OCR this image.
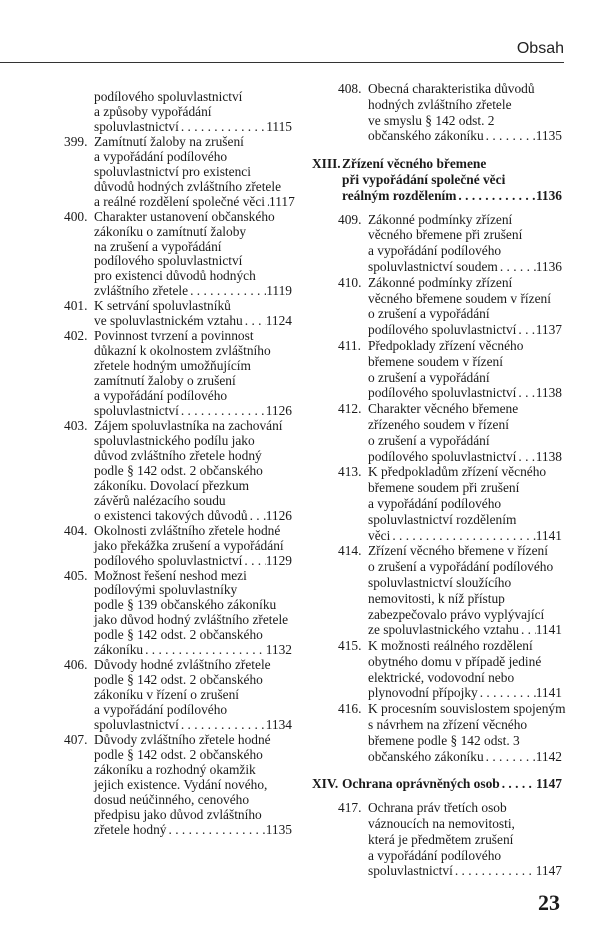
Obsah
podílového spoluvlastnictví
a způsoby vypořádání
spoluvlastnictví . . .	1115
399. Zamítnutí žaloby na zrušení
a vypořádání podílového
spoluvlastnictví pro existenci
důvodů hodných zvláštního zřetele
a reálné rozdělení společné věci . . . 1117
400. Charakter ustanovení občanského
zákoníku o zamítnutí žaloby
na zrušení a vypořádání
podílového spoluvlastnictví
pro existenci důvodů hodných
zvláštního zřetele . . .	1119
401. K setrvání spoluvlastníků
ve spoluvlastnickém vztahu . . . 1124
402. Povinnost tvrzení a povinnost
důkazní k okolnostem zvláštního
zřetele hodným umožňujícím
zamítnutí žaloby o zrušení
a vypořádání podílového
spoluvlastnictví . . .	1126
403. Zájem spoluvlastníka na zachování
spoluvlastnického podílu jako
důvod zvláštního zřetele hodný
podle § 142 odst. 2 občanského
zákoníku. Dovolací přezkum
závěrů nalézacího soudu
o existenci takových důvodů . . . 1126
404. Okolnosti zvláštního zřetele hodné
jako překážka zrušení a vypořádání
podílového spoluvlastnictví . . . 1129
405. Možnost řešení neshod mezi
podílovými spoluvlastníky
podle § 139 občanského zákoníku
jako důvod hodný zvláštního zřetele
podle § 142 odst. 2 občanského
zákoníku . . .	1132
406. Důvody hodné zvláštního zřetele
podle § 142 odst. 2 občanského
zákoníku v řízení o zrušení
a vypořádání podílového
spoluvlastnictví . . .	1134
407. Důvody zvláštního zřetele hodné
podle § 142 odst. 2 občanského
zákoníku a rozhodný okamžik
jejich existence. Vydání nového,
dosud neúčinného, cenového
předpisu jako důvod zvláštního
zřetele hodný . . .	1135
408. Obecná charakteristika důvodů
hodných zvláštního zřetele
ve smyslu § 142 odst. 2
občanského zákoníku . . .	1135
XIII. Zřízení věcného břemene
při vypořádání společné věci
reálným rozdělením . . .	1136
409. Zákonné podmínky zřízení
věcného břemene při zrušení
a vypořádání podílového
spoluvlastnictví soudem . . .	1136
410. Zákonné podmínky zřízení
věcného břemene soudem v řízení
o zrušení a vypořádání
podílového spoluvlastnictví . . . 1137
411. Předpoklady zřízení věcného
břemene soudem v řízení
o zrušení a vypořádání
podílového spoluvlastnictví . . . 1138
412. Charakter věcného břemene
zřízeného soudem v řízení
o zrušení a vypořádání
podílového spoluvlastnictví . . . 1138
413. K předpokladům zřízení věcného
břemene soudem při zrušení
a vypořádání podílového
spoluvlastnictví rozdělením
věci . . .	1141
414. Zřízení věcného břemene v řízení
o zrušení a vypořádání podílového
spoluvlastnictví sloužícího
nemovitosti, k níž přístup
zabezpečovalo právo vyplývající
ze spoluvlastnického vztahu . . . 1141
415. K možnosti reálného rozdělení
obytného domu v případě jediné
elektrické, vodovodní nebo
plynovodní přípojky . . .	1141
416. K procesním souvislostem spojeným
s návrhem na zřízení věcného
břemene podle § 142 odst. 3
občanského zákoníku . . .	1142
XIV. Ochrana oprávněných osob . . .	1147
417. Ochrana práv třetích osob
váznoucích na nemovitosti,
která je předmětem zrušení
a vypořádání podílového
spoluvlastnictví . . .	1147
23
